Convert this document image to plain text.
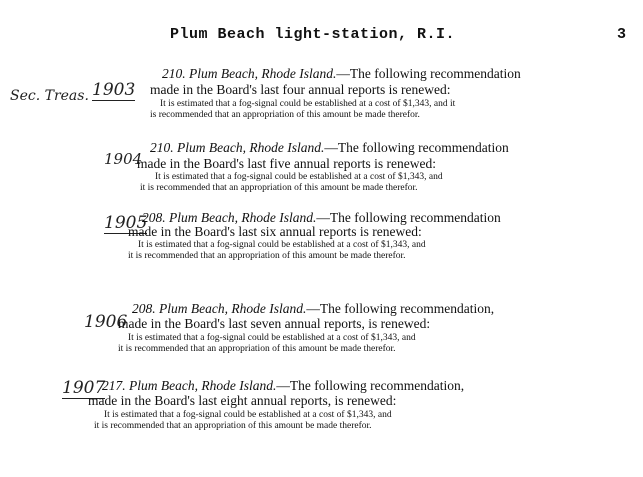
Plum Beach light-station, R.I.	3
Sec. Treas. 1903
210. Plum Beach, Rhode Island.—The following recommendation
made in the Board's last four annual reports is renewed:
It is estimated that a fog-signal could be established at a cost of $1,343, and it
is recommended that an appropriation of this amount be made therefor.
1904
210. Plum Beach, Rhode Island.—The following recommendation
made in the Board's last five annual reports is renewed:
It is estimated that a fog-signal could be established at a cost of $1,343, and
it is recommended that an appropriation of this amount be made therefor.
1905
208. Plum Beach, Rhode Island.—The following recommendation
made in the Board's last six annual reports is renewed:
It is estimated that a fog-signal could be established at a cost of $1,343, and
it is recommended that an appropriation of this amount be made therefor.
1906
208. Plum Beach, Rhode Island.—The following recommendation,
made in the Board's last seven annual reports, is renewed:
It is estimated that a fog-signal could be established at a cost of $1,343, and
it is recommended that an appropriation of this amount be made therefor.
1907
217. Plum Beach, Rhode Island.—The following recommendation,
made in the Board's last eight annual reports, is renewed:
It is estimated that a fog-signal could be established at a cost of $1,343, and
it is recommended that an appropriation of this amount be made therefor.
